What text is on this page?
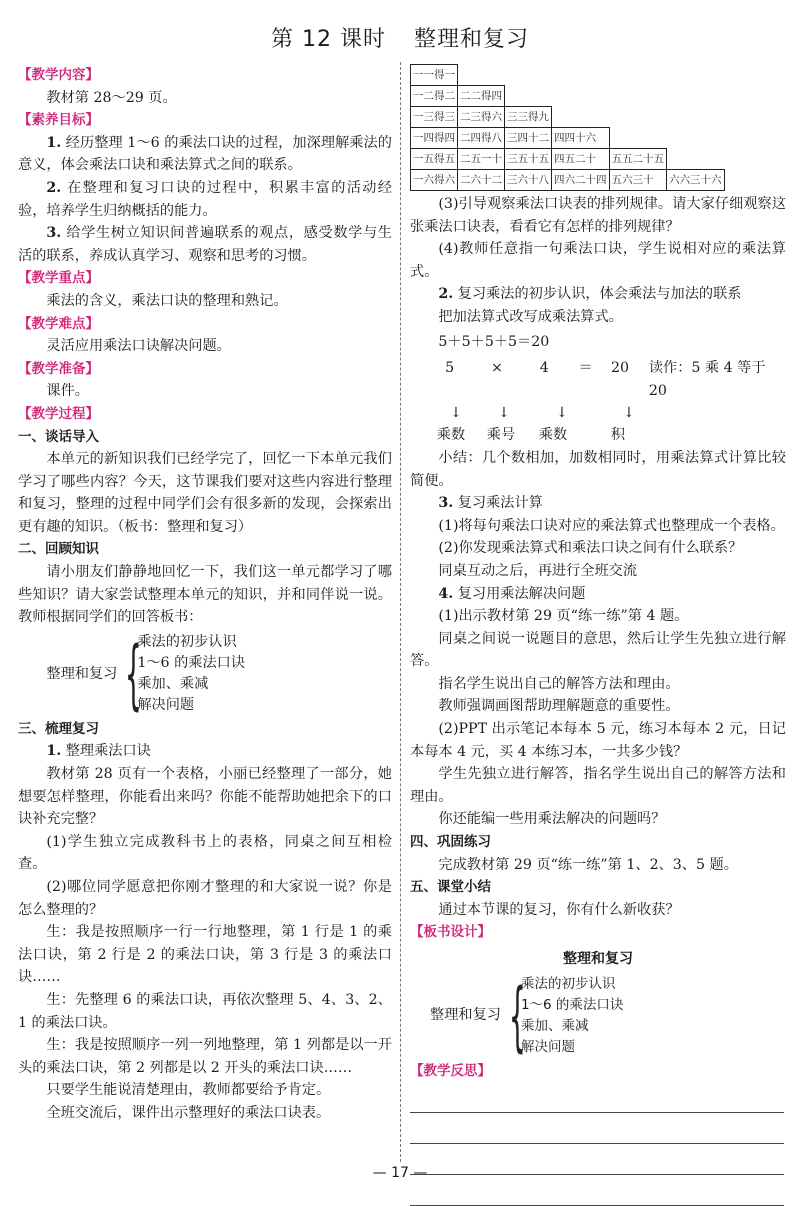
第 12 课时 整理和复习

【教学内容】

教材第 28～29 页。

【素养目标】

1. 经历整理 1～6 的乘法口诀的过程，加深理解乘法的意义，体会乘法口诀和乘法算式之间的联系。

2. 在整理和复习口诀的过程中，积累丰富的活动经验，培养学生归纳概括的能力。

3. 给学生树立知识间普遍联系的观点，感受数学与生活的联系，养成认真学习、观察和思考的习惯。

【教学重点】

乘法的含义，乘法口诀的整理和熟记。

【教学难点】

灵活应用乘法口诀解决问题。

【教学准备】

课件。

【教学过程】

一、谈话导入

本单元的新知识我们已经学完了，回忆一下本单元我们学习了哪些内容？今天，这节课我们要对这些内容进行整理和复习，整理的过程中同学们会有很多新的发现，会探索出更有趣的知识。（板书：整理和复习）

二、回顾知识

请小朋友们静静地回忆一下，我们这一单元都学习了哪些知识？请大家尝试整理本单元的知识，并和同伴说一说。教师根据同学们的回答板书：

整理和复习 {
乘法的初步认识
1～6 的乘法口诀
乘加、乘减
解决问题

三、梳理复习

1. 整理乘法口诀

教材第 28 页有一个表格，小丽已经整理了一部分，她想要怎样整理，你能看出来吗？你能不能帮助她把余下的口诀补充完整？

(1)学生独立完成教科书上的表格，同桌之间互相检查。

(2)哪位同学愿意把你刚才整理的和大家说一说？你是怎么整理的？

生：我是按照顺序一行一行地整理，第 1 行是 1 的乘法口诀，第 2 行是 2 的乘法口诀，第 3 行是 3 的乘法口诀……

生：先整理 6 的乘法口诀，再依次整理 5、4、3、2、1 的乘法口诀。

生：我是按照顺序一列一列地整理，第 1 列都是以一开头的乘法口诀，第 2 列都是以 2 开头的乘法口诀……

只要学生能说清楚理由，教师都要给予肯定。

全班交流后，课件出示整理好的乘法口诀表。

一一得一					
一二得二	二二得四				
一三得三	二三得六	三三得九			
一四得四	二四得八	三四十二	四四十六		
一五得五	二五一十	三五十五	四五二十	五五二十五	
一六得六	二六十二	三六十八	四六二十四	五六三十	六六三十六

(3)引导观察乘法口诀表的排列规律。请大家仔细观察这张乘法口诀表，看看它有怎样的排列规律？

(4)教师任意指一句乘法口诀，学生说相对应的乘法算式。

2. 复习乘法的初步认识，体会乘法与加法的联系

把加法算式改写成乘法算式。

5＋5＋5＋5＝20

5	×	4	＝	20	读作：5 乘 4 等于 20
↓	↓	↓	↓
乘数	乘号	乘数	积

小结：几个数相加，加数相同时，用乘法算式计算比较简便。

3. 复习乘法计算

(1)将每句乘法口诀对应的乘法算式也整理成一个表格。

(2)你发现乘法算式和乘法口诀之间有什么联系？

同桌互动之后，再进行全班交流

4. 复习用乘法解决问题

(1)出示教材第 29 页“练一练”第 4 题。

同桌之间说一说题目的意思，然后让学生先独立进行解答。

指名学生说出自己的解答方法和理由。

教师强调画图帮助理解题意的重要性。

(2)PPT 出示笔记本每本 5 元，练习本每本 2 元，日记本每本 4 元，买 4 本练习本，一共多少钱？

学生先独立进行解答，指名学生说出自己的解答方法和理由。

你还能编一些用乘法解决的问题吗？

四、巩固练习

完成教材第 29 页“练一练”第 1、2、3、5 题。

五、课堂小结

通过本节课的复习，你有什么新收获？

【板书设计】

整理和复习
整理和复习 {
乘法的初步认识
1～6 的乘法口诀
乘加、乘减
解决问题

【教学反思】

— 17 —
